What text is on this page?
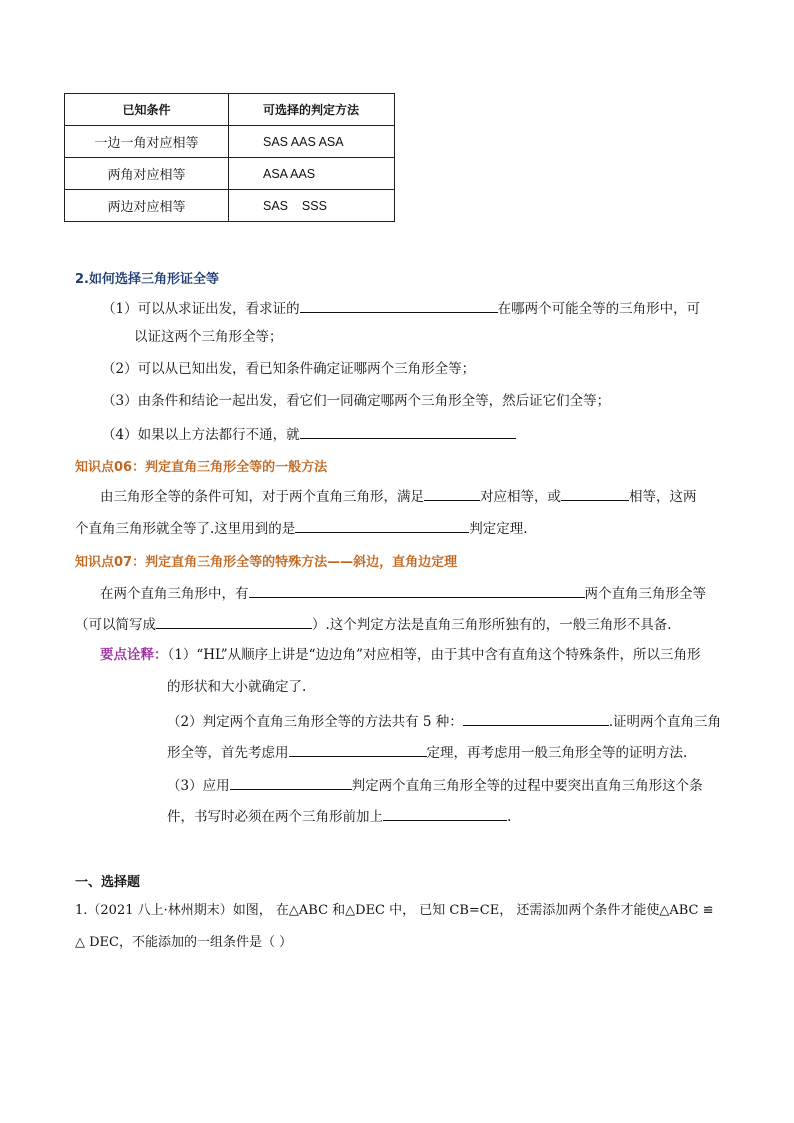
已知条件	可选择的判定方法
一边一角对应相等	SAS AAS ASA
两角对应相等	ASA AAS
两边对应相等	SAS    SSS
2.如何选择三角形证全等
（1）可以从求证出发，看求证的	在哪两个可能全等的三角形中，可
以证这两个三角形全等；
（2）可以从已知出发，看已知条件确定证哪两个三角形全等；
（3）由条件和结论一起出发，看它们一同确定哪两个三角形全等，然后证它们全等；
（4）如果以上方法都行不通，就
知识点06：判定直角三角形全等的一般方法
由三角形全等的条件可知，对于两个直角三角形，满足	对应相等，或	相等，这两
个直角三角形就全等了.这里用到的是	判定定理.
知识点07：判定直角三角形全等的特殊方法——斜边，直角边定理
在两个直角三角形中，有	两个直角三角形全等
（可以简写成	）.这个判定方法是直角三角形所独有的，一般三角形不具备.
要点诠释：（1）“HL”从顺序上讲是“边边角”对应相等，由于其中含有直角这个特殊条件，所以三角形
的形状和大小就确定了.
（2）判定两个直角三角形全等的方法共有 5 种：	.证明两个直角三角
形全等，首先考虑用	定理，再考虑用一般三角形全等的证明方法.
（3）应用	判定两个直角三角形全等的过程中要突出直角三角形这个条
件，书写时必须在两个三角形前加上	.
一、选择题
1.（2021 八上·林州期末）如图， 在△ABC 和△DEC 中， 已知 CB=CE， 还需添加两个条件才能使△ABC ≌
△ DEC，不能添加的一组条件是（ ）
